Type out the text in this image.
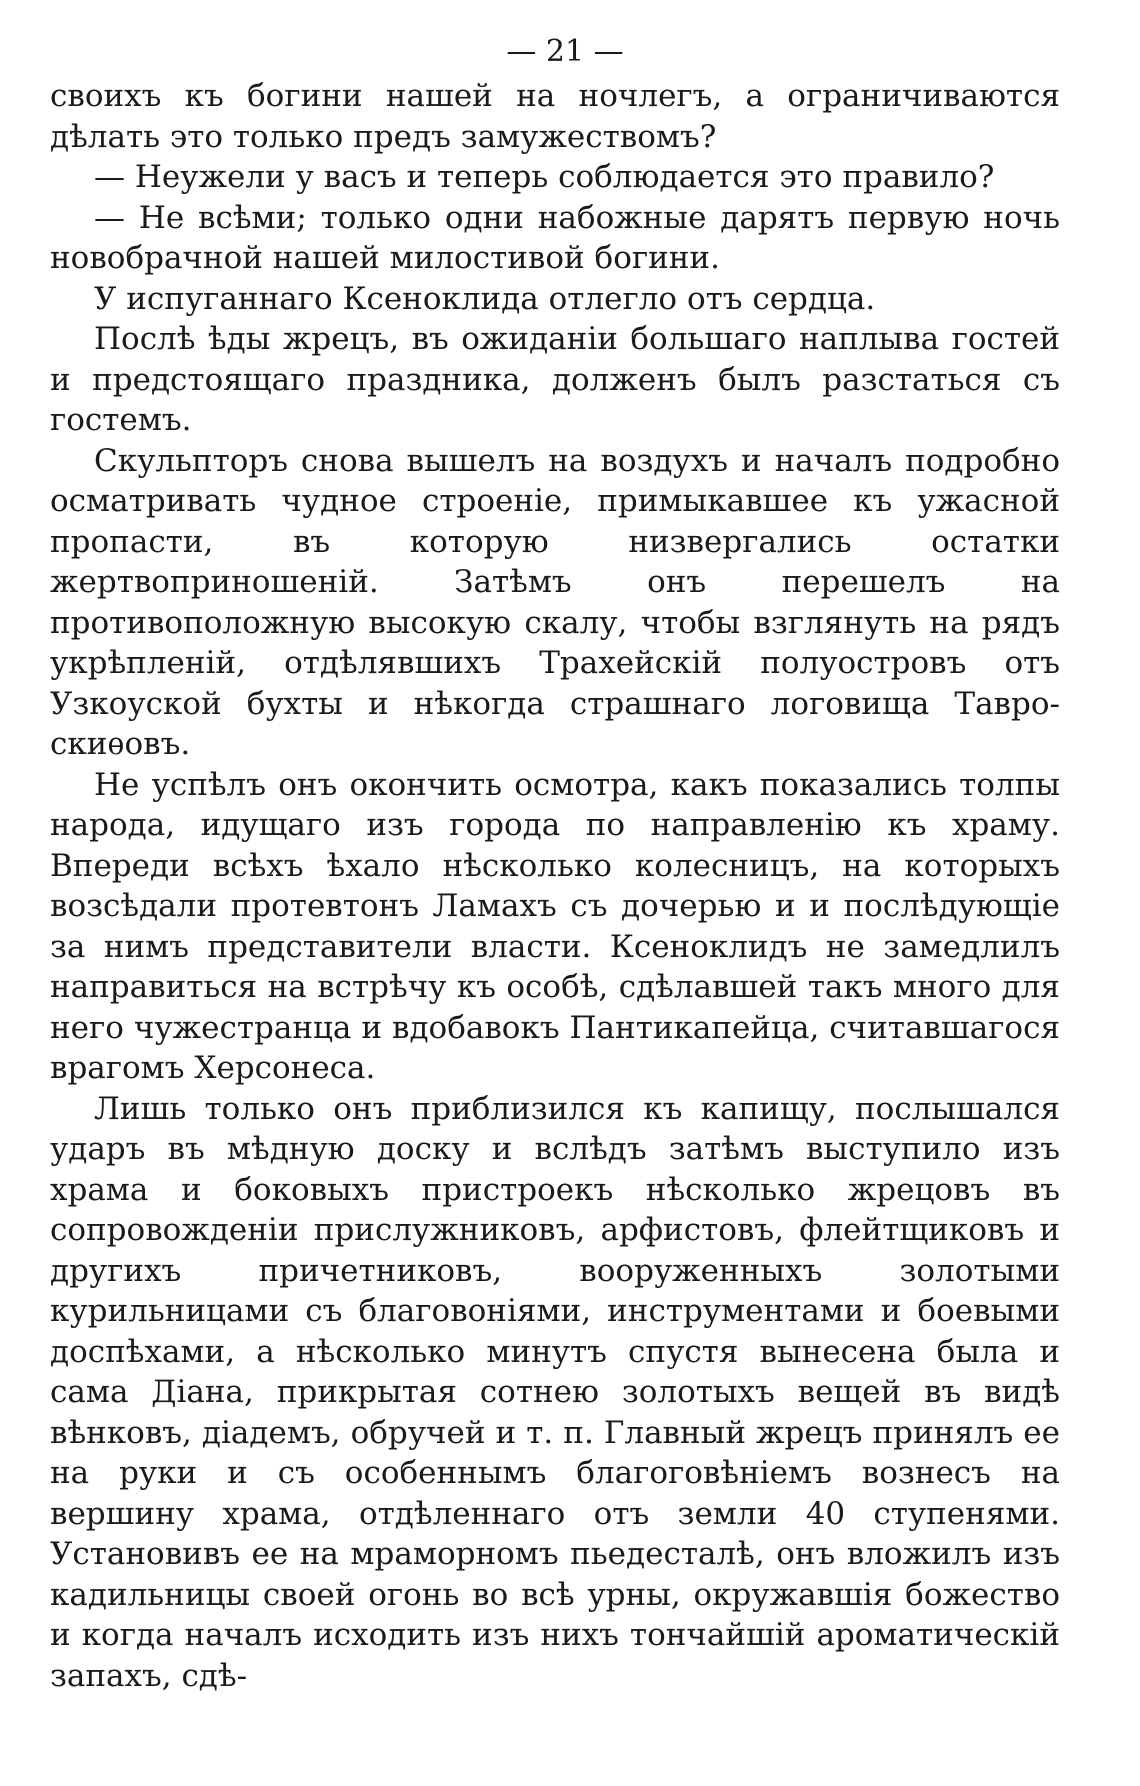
— 21 —

своихъ къ богини нашей на ночлегъ, а ограничиваются дѣлать это только предъ замужествомъ?

— Неужели у васъ и теперь соблюдается это правило?

— Не всѣми; только одни набожные дарятъ первую ночь новобрачной нашей милостивой богини.

У испуганнаго Ксеноклида отлегло отъ сердца.

Послѣ ѣды жрецъ, въ ожиданіи большаго наплыва гостей и предстоящаго праздника, долженъ былъ разстаться съ гостемъ.

Скульпторъ снова вышелъ на воздухъ и началъ подробно осматривать чудное строеніе, примыкавшее къ ужасной пропасти, въ которую низвергались остатки жертвоприношеній. Затѣмъ онъ перешелъ на противоположную высокую скалу, чтобы взглянуть на рядъ укрѣпленій, отдѣлявшихъ Трахейскій полуостровъ отъ Узкоуской бухты и нѣкогда страшнаго логовища Тавро-скиѳовъ.

Не успѣлъ онъ окончить осмотра, какъ показались толпы народа, идущаго изъ города по направленію къ храму. Впереди всѣхъ ѣхало нѣсколько колесницъ, на которыхъ возсѣдали протевтонъ Ламахъ съ дочерью и и послѣдующіе за нимъ представители власти. Ксеноклидъ не замедлилъ направиться на встрѣчу къ особѣ, сдѣлавшей такъ много для него чужестранца и вдобавокъ Пантикапейца, считавшагося врагомъ Херсонеса.

Лишь только онъ приблизился къ капищу, послышался ударъ въ мѣдную доску и вслѣдъ затѣмъ выступило изъ храма и боковыхъ пристроекъ нѣсколько жрецовъ въ сопровожденіи прислужниковъ, арфистовъ, флейтщиковъ и другихъ причетниковъ, вооруженныхъ золотыми курильницами съ благовоніями, инструментами и боевыми доспѣхами, а нѣсколько минутъ спустя вынесена была и сама Діана, прикрытая сотнею золотыхъ вещей въ видѣ вѣнковъ, діадемъ, обручей и т. п. Главный жрецъ принялъ ее на руки и съ особеннымъ благоговѣніемъ вознесъ на вершину храма, отдѣленнаго отъ земли 40 ступенями. Установивъ ее на мраморномъ пьедесталѣ, онъ вложилъ изъ кадильницы своей огонь во всѣ урны, окружавшія божество и когда началъ исходить изъ нихъ тончайшій ароматическій запахъ, сдѣ-
